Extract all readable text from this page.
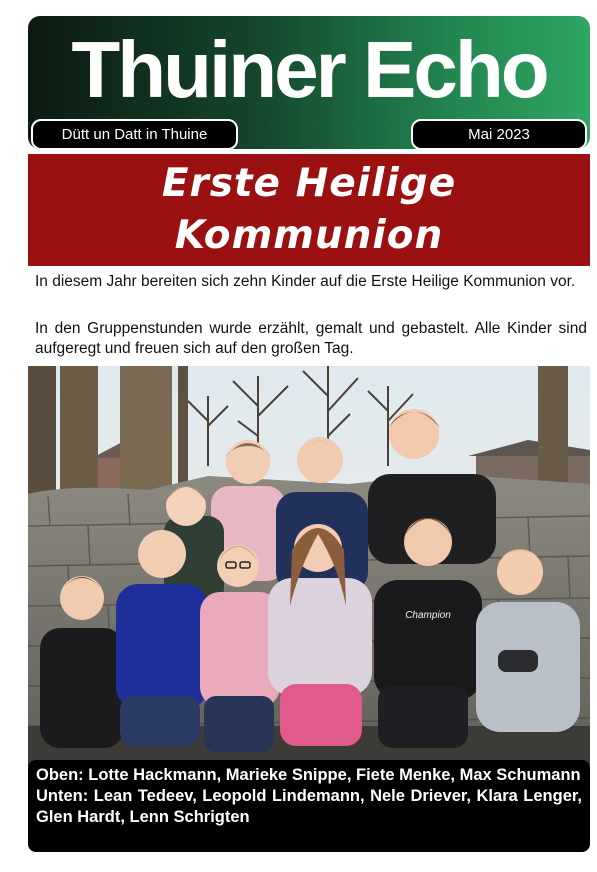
Thuiner Echo
Dütt un Datt in Thuine	Mai 2023
Erste Heilige
Kommunion

In diesem Jahr bereiten sich zehn Kinder auf die Erste Heilige Kommunion vor.

In den Gruppenstunden wurde erzählt, gemalt und gebastelt. Alle Kinder sind aufgeregt und freuen sich auf den großen Tag.

Champion
Oben: Lotte Hackmann, Marieke Snippe, Fiete Menke, Max Schumann
Unten: Lean Tedeev, Leopold Lindemann, Nele Driever, Klara Lenger, Glen Hardt, Lenn Schrigten
